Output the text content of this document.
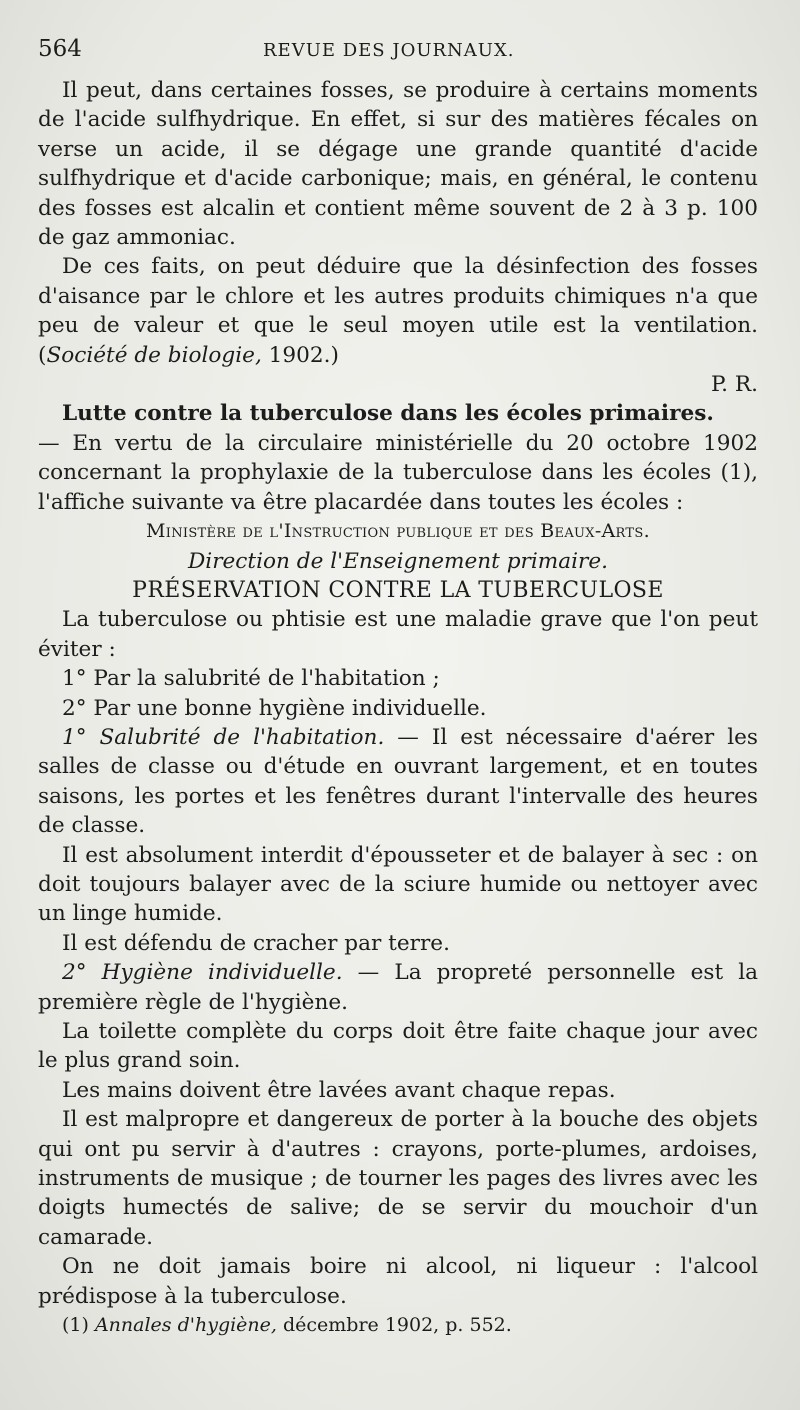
564	REVUE DES JOURNAUX.

Il peut, dans certaines fosses, se produire à certains moments de l'acide sulfhydrique. En effet, si sur des matières fécales on verse un acide, il se dégage une grande quantité d'acide sulfhydrique et d'acide carbonique; mais, en général, le contenu des fosses est alcalin et contient même souvent de 2 à 3 p. 100 de gaz ammoniac.

De ces faits, on peut déduire que la désinfection des fosses d'aisance par le chlore et les autres produits chimiques n'a que peu de valeur et que le seul moyen utile est la ventilation. (Société de biologie, 1902.)

P. R.

Lutte contre la tuberculose dans les écoles primaires.

— En vertu de la circulaire ministérielle du 20 octobre 1902 concernant la prophylaxie de la tuberculose dans les écoles (1), l'affiche suivante va être placardée dans toutes les écoles :

Ministère de l'Instruction publique et des Beaux-Arts.

Direction de l'Enseignement primaire.

PRÉSERVATION CONTRE LA TUBERCULOSE

La tuberculose ou phtisie est une maladie grave que l'on peut éviter :

1° Par la salubrité de l'habitation ;

2° Par une bonne hygiène individuelle.

1° Salubrité de l'habitation. — Il est nécessaire d'aérer les salles de classe ou d'étude en ouvrant largement, et en toutes saisons, les portes et les fenêtres durant l'intervalle des heures de classe.

Il est absolument interdit d'épousseter et de balayer à sec : on doit toujours balayer avec de la sciure humide ou nettoyer avec un linge humide.

Il est défendu de cracher par terre.

2° Hygiène individuelle. — La propreté personnelle est la première règle de l'hygiène.

La toilette complète du corps doit être faite chaque jour avec le plus grand soin.

Les mains doivent être lavées avant chaque repas.

Il est malpropre et dangereux de porter à la bouche des objets qui ont pu servir à d'autres : crayons, porte-plumes, ardoises, instruments de musique ; de tourner les pages des livres avec les doigts humectés de salive; de se servir du mouchoir d'un camarade.

On ne doit jamais boire ni alcool, ni liqueur : l'alcool prédispose à la tuberculose.

(1) Annales d'hygiène, décembre 1902, p. 552.
